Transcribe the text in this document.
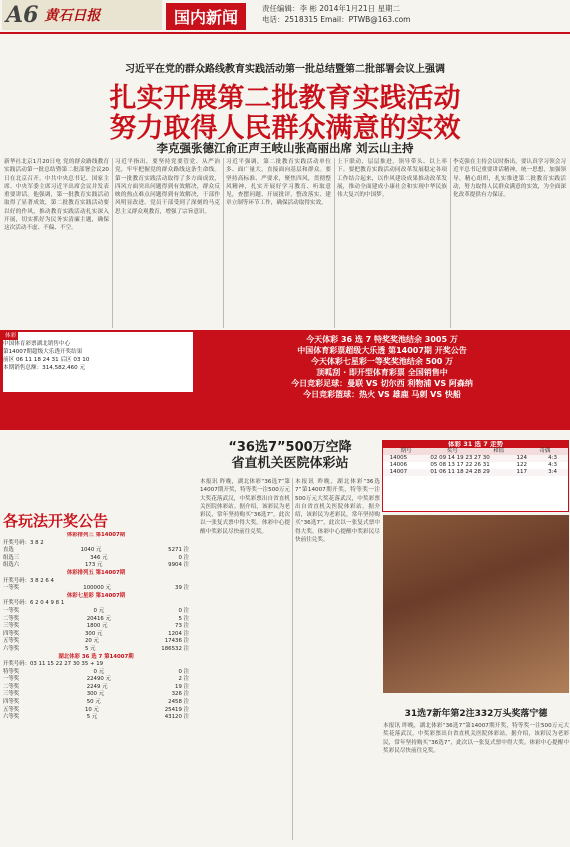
A6 黄石日报	国内新闻	责任编辑：李 彬 2014年1月21日 星期二
电话：2518315 Email：PTWB@163.com
习近平在党的群众路线教育实践活动第一批总结暨第二批部署会议上强调
扎实开展第二批教育实践活动
努力取得人民群众满意的实效
李克强张德江俞正声王岐山张高丽出席 刘云山主持
新华社北京1月20日电 党的群众路线教育实践活动第一批总结暨第二批部署会议20日在北京召开。中共中央总书记、国家主席、中央军委主席习近平出席会议并发表重要讲话。他强调，第一批教育实践活动取得了显著成效，第二批教育实践活动要以好的作风，推动教育实践活动扎实深入开展，切实抓好为民务实清廉主题，确保这次活动不虚、不偏、不空。
习近平指出，要坚持党要管党、从严治党，牢牢把握党的群众路线这条生命线。第一批教育实践活动取得了多方面成效，四风方面突出问题得到有效解决，群众反映的热点难点问题得到有效解决，干部作风明显改进。党员干部受到了深刻的马克思主义群众观教育，增强了宗旨意识。
习近平强调，第二批教育实践活动单位多、面广量大，直接面向基层和群众。要坚持高标准、严要求，聚焦四风，贯彻整风精神，扎实开展好学习教育、听取意见，查摆问题、开展批评，整改落实、建章立制等环节工作，确保活动取得实效。
上下联动，层层推进，领导带头、以上率下。要把教育实践活动同改革发展稳定各项工作结合起来，以作风建设成果推动改革发展，推动全面建成小康社会和实现中华民族伟大复兴的中国梦。
李克强在主持会议时指出，要认真学习领会习近平总书记重要讲话精神，统一思想，加强领导，精心组织，扎实推进第二批教育实践活动，努力取得人民群众满意的实效，为全面深化改革提供有力保证。
今天体彩 36 选 7 特奖奖池结余 3005 万
中国体育彩票超级大乐透 第14007期 开奖公告
今天体彩七星彩一等奖奖池结余 500 万
顶呱刮 · 即开型体育彩票 全国销售中
今日竞彩足球：曼联 VS 切尔西 利物浦 VS 阿森纳
今日竞彩篮球：热火 VS 雄鹿 马刺 VS 快船
体彩
中国体育彩票湖北销售中心
第14007期超级大乐透开奖结果
前区 06 11 18 24 31 后区 03 10
本期销售总额：314,582,460 元
各玩法开奖公告
体彩排列三 第14007期
开奖号码：3 8 2
直选	1040 元	5271 注
组选三	346 元	0 注
组选六	173 元	9904 注
体彩排列五 第14007期
开奖号码：3 8 2 6 4
一等奖	100000 元	39 注
体彩七星彩 第14007期
开奖号码：6 2 0 4 9 8 1
一等奖	0 元	0 注
二等奖	20416 元	5 注
三等奖	1800 元	73 注
四等奖	300 元	1204 注
五等奖	20 元	17436 注
六等奖	5 元	186532 注
湖北体彩 36 选 7 第14007期
开奖号码：03 11 15 22 27 30 35 + 19
特等奖	0 元	0 注
一等奖	22490 元	2 注
二等奖	2249 元	19 注
三等奖	300 元	326 注
四等奖	50 元	2458 注
五等奖	10 元	25419 注
六等奖	5 元	43120 注
“36选7”500万空降
省直机关医院体彩站
本报讯 昨晚，湖北体彩“36选7”第14007期开奖，特等奖一注500万元大奖花落武汉，中奖彩票出自省直机关医院体彩站。据介绍，该彩民为老彩民，常年坚持购买“36选7”，此次以一张复式票中得大奖。体彩中心提醒中奖彩民尽快前往兑奖。
本报讯 昨晚，湖北体彩“36选7”第14007期开奖，特等奖一注500万元大奖花落武汉，中奖彩票出自省直机关医院体彩站。据介绍，该彩民为老彩民，常年坚持购买“36选7”，此次以一张复式票中得大奖。体彩中心提醒中奖彩民尽快前往兑奖。
体彩 31 选 7 走势
期号	奖号	和值	奇偶
14005	02 09 14 19 23 27 30	124	4:3
14006	05 08 13 17 22 26 31	122	4:3
14007	01 06 11 18 24 28 29	117	3:4
31选7新年第2注332万头奖落宁德
本报讯 昨晚，湖北体彩“36选7”第14007期开奖，特等奖一注500万元大奖花落武汉，中奖彩票出自省直机关医院体彩站。据介绍，该彩民为老彩民，常年坚持购买“36选7”，此次以一张复式票中得大奖。体彩中心提醒中奖彩民尽快前往兑奖。
